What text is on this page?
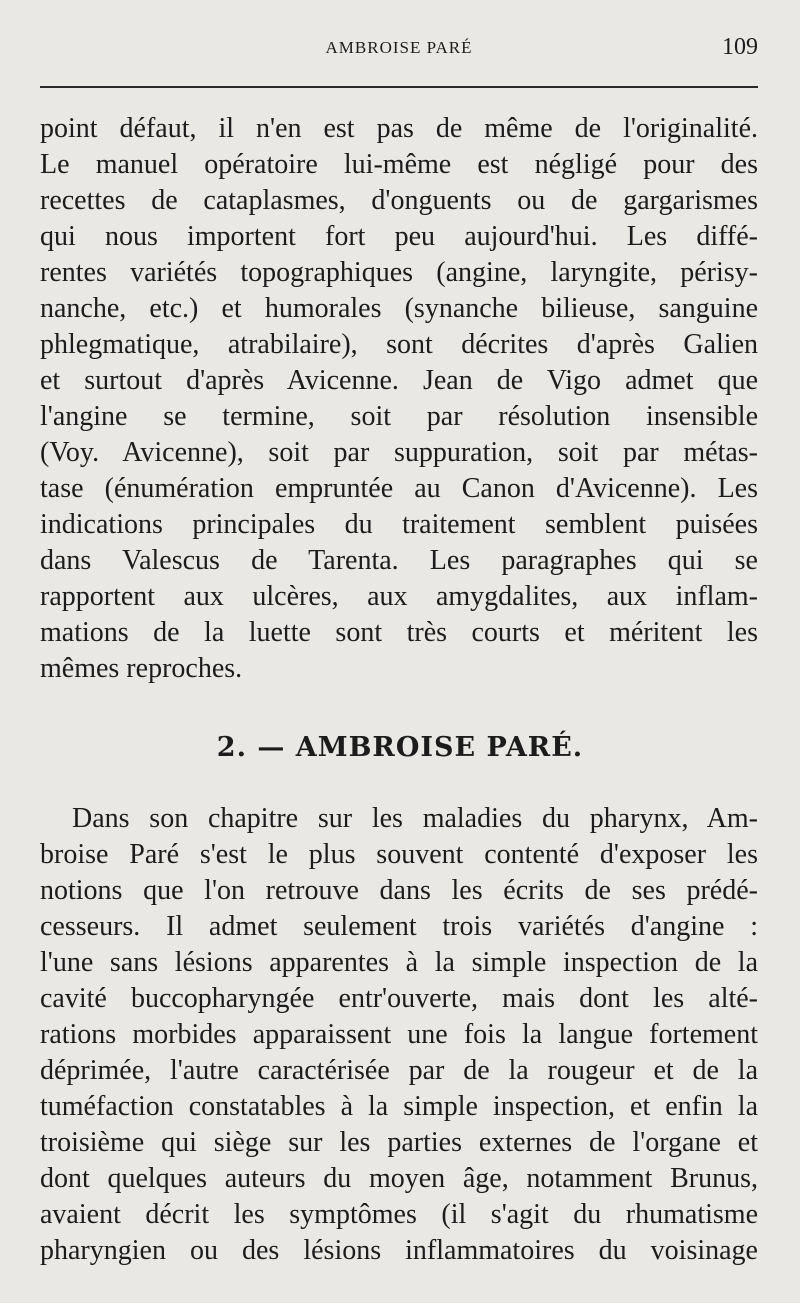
AMBROISE PARÉ	109
point défaut, il n'en est pas de même de l'originalité.
Le manuel opératoire lui-même est négligé pour des
recettes de cataplasmes, d'onguents ou de gargarismes
qui nous importent fort peu aujourd'hui. Les diffé-
rentes variétés topographiques (angine, laryngite, périsy-
nanche, etc.) et humorales (synanche bilieuse, sanguine
phlegmatique, atrabilaire), sont décrites d'après Galien
et surtout d'après Avicenne. Jean de Vigo admet que
l'angine se termine, soit par résolution insensible
(Voy. Avicenne), soit par suppuration, soit par métas-
tase (énumération empruntée au Canon d'Avicenne). Les
indications principales du traitement semblent puisées
dans Valescus de Tarenta. Les paragraphes qui se
rapportent aux ulcères, aux amygdalites, aux inflam-
mations de la luette sont très courts et méritent les
mêmes reproches.
2. — AMBROISE PARÉ.
Dans son chapitre sur les maladies du pharynx, Am-
broise Paré s'est le plus souvent contenté d'exposer les
notions que l'on retrouve dans les écrits de ses prédé-
cesseurs. Il admet seulement trois variétés d'angine :
l'une sans lésions apparentes à la simple inspection de la
cavité buccopharyngée entr'ouverte, mais dont les alté-
rations morbides apparaissent une fois la langue fortement
déprimée, l'autre caractérisée par de la rougeur et de la
tuméfaction constatables à la simple inspection, et enfin la
troisième qui siège sur les parties externes de l'organe et
dont quelques auteurs du moyen âge, notamment Brunus,
avaient décrit les symptômes (il s'agit du rhumatisme
pharyngien ou des lésions inflammatoires du voisinage
